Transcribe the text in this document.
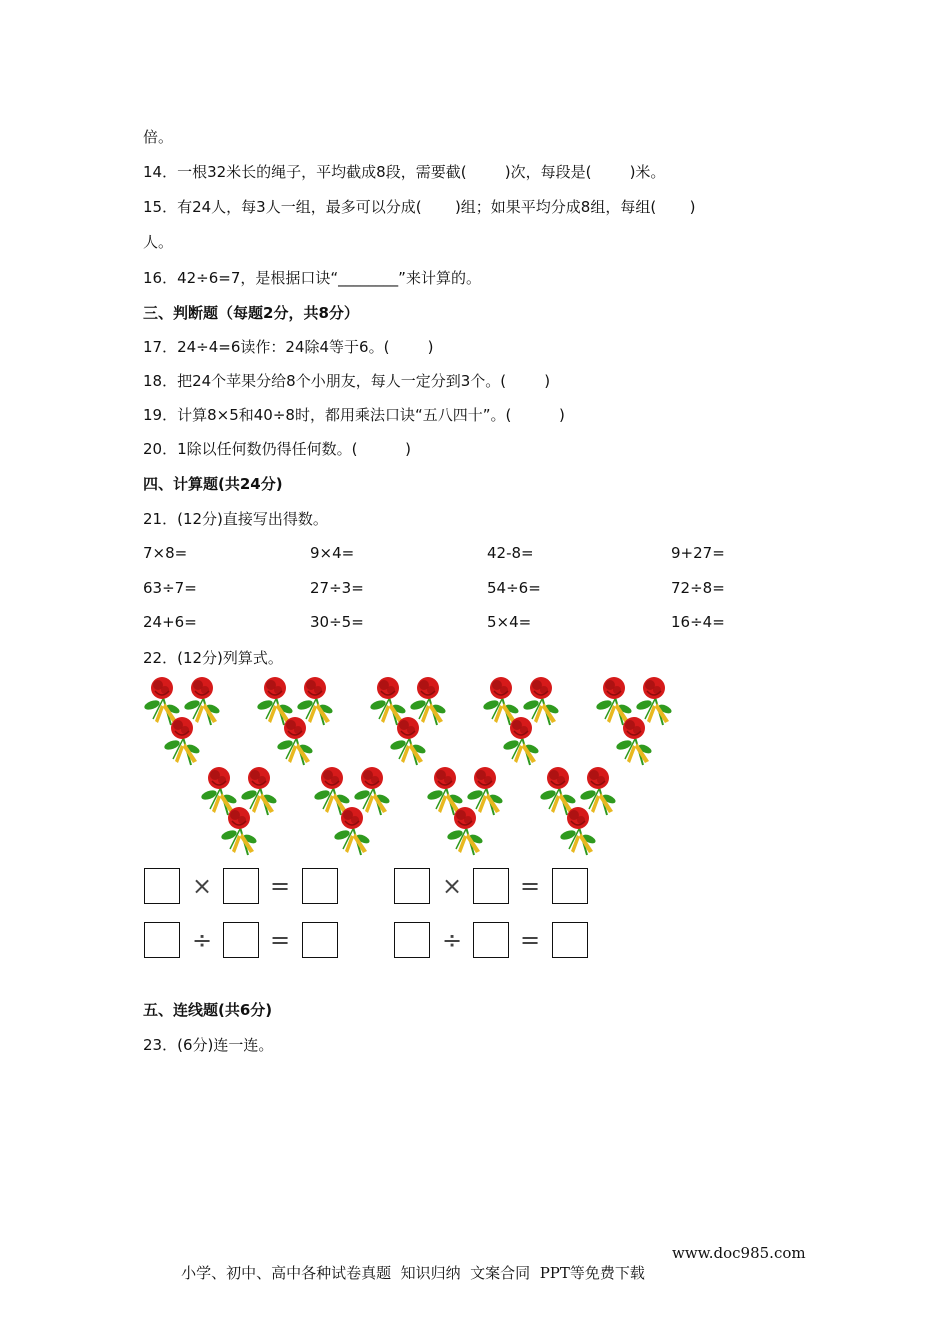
倍。
14．一根32米长的绳子，平均截成8段，需要截(        )次，每段是(        )米。
15．有24人，每3人一组，最多可以分成(       )组；如果平均分成8组，每组(       )
人。
16．42÷6=7，是根据口诀“________”来计算的。
三、判断题（每题2分，共8分）
17．24÷4=6读作：24除4等于6。(        )
18．把24个苹果分给8个小朋友，每人一定分到3个。(        )
19．计算8×5和40÷8时，都用乘法口诀“五八四十”。(          )
20．1除以任何数仍得任何数。(          )
四、计算题(共24分)
21．(12分)直接写出得数。
7×8=	9×4=	42-8=	9+27=
63÷7=	27÷3=	54÷6=	72÷8=
24+6=	30÷5=	5×4=	16÷4=
22．(12分)列算式。
× =	× =
÷ =	÷ =
五、连线题(共6分)
23．(6分)连一连。

小学、初中、高中各种试卷真题  知识归纳  文案合同  PPT等免费下载

www.doc985.com
